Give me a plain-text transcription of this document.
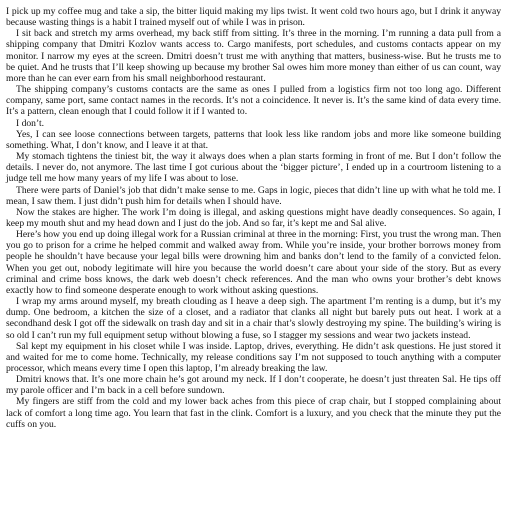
I pick up my coffee mug and take a sip, the bitter liquid making my lips twist. It went cold two hours ago, but I drink it anyway because wasting things is a habit I trained myself out of while I was in prison.

I sit back and stretch my arms overhead, my back stiff from sitting. It’s three in the morning. I’m running a data pull from a shipping company that Dmitri Kozlov wants access to. Cargo manifests, port schedules, and customs contacts appear on my monitor. I narrow my eyes at the screen. Dmitri doesn’t trust me with anything that matters, business-wise. But he trusts me to be quiet. And he trusts that I’ll keep showing up because my brother Sal owes him more money than either of us can count, way more than he can ever earn from his small neighborhood restaurant.

The shipping company’s customs contacts are the same as ones I pulled from a logistics firm not too long ago. Different company, same port, same contact names in the records. It’s not a coincidence. It never is. It’s the same kind of data every time. It’s a pattern, clean enough that I could follow it if I wanted to.

I don’t.

Yes, I can see loose connections between targets, patterns that look less like random jobs and more like someone building something. What, I don’t know, and I leave it at that.

My stomach tightens the tiniest bit, the way it always does when a plan starts forming in front of me. But I don’t follow the details. I never do, not anymore. The last time I got curious about the ‘bigger picture’, I ended up in a courtroom listening to a judge tell me how many years of my life I was about to lose.

There were parts of Daniel’s job that didn’t make sense to me. Gaps in logic, pieces that didn’t line up with what he told me. I mean, I saw them. I just didn’t push him for details when I should have.

Now the stakes are higher. The work I’m doing is illegal, and asking questions might have deadly consequences. So again, I keep my mouth shut and my head down and I just do the job. And so far, it’s kept me and Sal alive.

Here’s how you end up doing illegal work for a Russian criminal at three in the morning: First, you trust the wrong man. Then you go to prison for a crime he helped commit and walked away from. While you’re inside, your brother borrows money from people he shouldn’t have because your legal bills were drowning him and banks don’t lend to the family of a convicted felon. When you get out, nobody legitimate will hire you because the world doesn’t care about your side of the story. But as every criminal and crime boss knows, the dark web doesn’t check references. And the man who owns your brother’s debt knows exactly how to find someone desperate enough to work without asking questions.

I wrap my arms around myself, my breath clouding as I heave a deep sigh. The apartment I’m renting is a dump, but it’s my dump. One bedroom, a kitchen the size of a closet, and a radiator that clanks all night but barely puts out heat. I work at a secondhand desk I got off the sidewalk on trash day and sit in a chair that’s slowly destroying my spine. The building’s wiring is so old I can’t run my full equipment setup without blowing a fuse, so I stagger my sessions and wear two jackets instead.

Sal kept my equipment in his closet while I was inside. Laptop, drives, everything. He didn’t ask questions. He just stored it and waited for me to come home. Technically, my release conditions say I’m not supposed to touch anything with a computer processor, which means every time I open this laptop, I’m already breaking the law.

Dmitri knows that. It’s one more chain he’s got around my neck. If I don’t cooperate, he doesn’t just threaten Sal. He tips off my parole officer and I’m back in a cell before sundown.

My fingers are stiff from the cold and my lower back aches from this piece of crap chair, but I stopped complaining about lack of comfort a long time ago. You learn that fast in the clink. Comfort is a luxury, and you check that the minute they put the cuffs on you.
